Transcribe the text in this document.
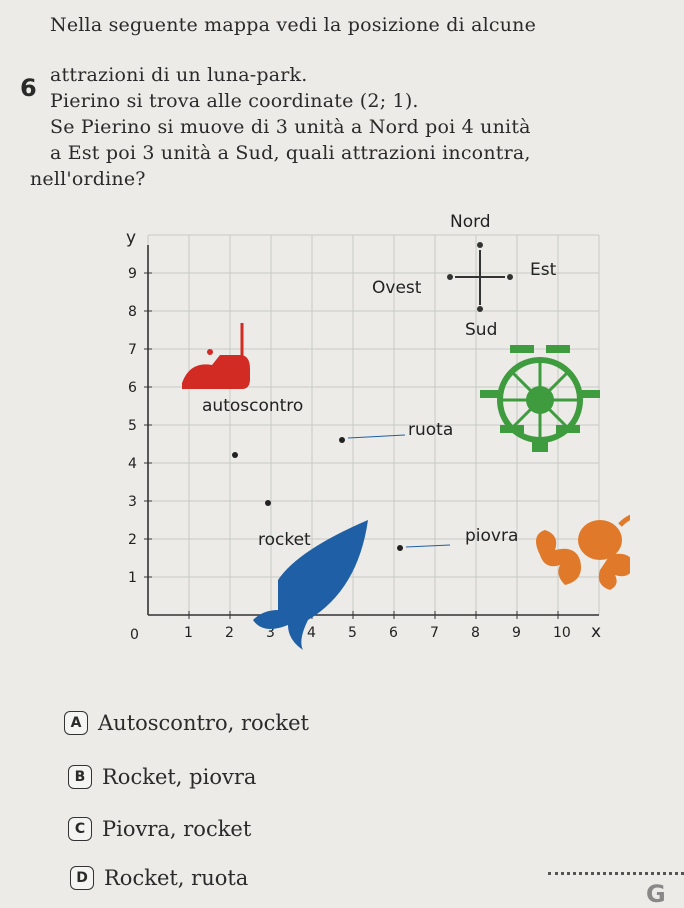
6
Nella seguente mappa vedi la posizione di alcune
attrazioni di un luna-park.
Pierino si trova alle coordinate (2; 1).
Se Pierino si muove di 3 unità a Nord poi 4 unità
a Est poi 3 unità a Sud, quali attrazioni incontra,
nell'ordine?
1 2 3 4 5 6 7 8 9 10
1
2
3
4
5
6
7
8
9
0	x
y
Nord
Sud
Est
Ovest
autoscontro
ruota
rocket	piovra
A Autoscontro, rocket
B Rocket, piovra
C Piovra, rocket
D Rocket, ruota
G
